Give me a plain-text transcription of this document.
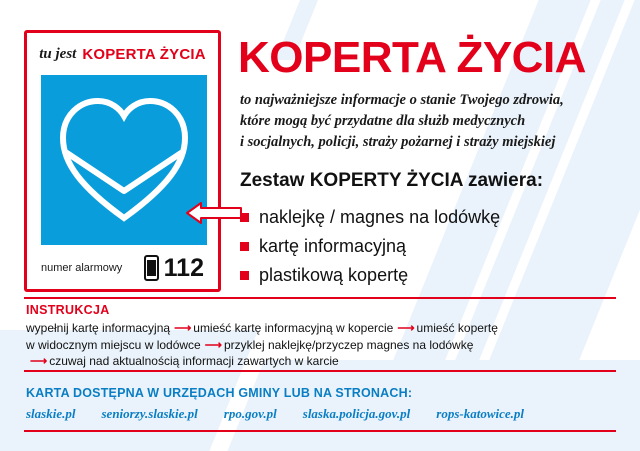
tu jest KOPERTA ŻYCIA
numer alarmowy 112
KOPERTA ŻYCIA
to najważniejsze informacje o stanie Twojego zdrowia,
które mogą być przydatne dla służb medycznych
i socjalnych, policji, straży pożarnej i straży miejskiej
Zestaw KOPERTY ŻYCIA zawiera:
naklejkę / magnes na lodówkę
kartę informacyjną
plastikową kopertę
INSTRUKCJA
wypełnij kartę informacyjną ⟶ umieść kartę informacyjną w kopercie ⟶ umieść kopertę
w widocznym miejscu w lodówce ⟶ przyklej naklejkę/przyczep magnes na lodówkę
⟶ czuwaj nad aktualnością informacji zawartych w karcie
KARTA DOSTĘPNA W URZĘDACH GMINY LUB NA STRONACH:
slaskie.pl seniorzy.slaskie.pl rpo.gov.pl slaska.policja.gov.pl rops-katowice.pl
